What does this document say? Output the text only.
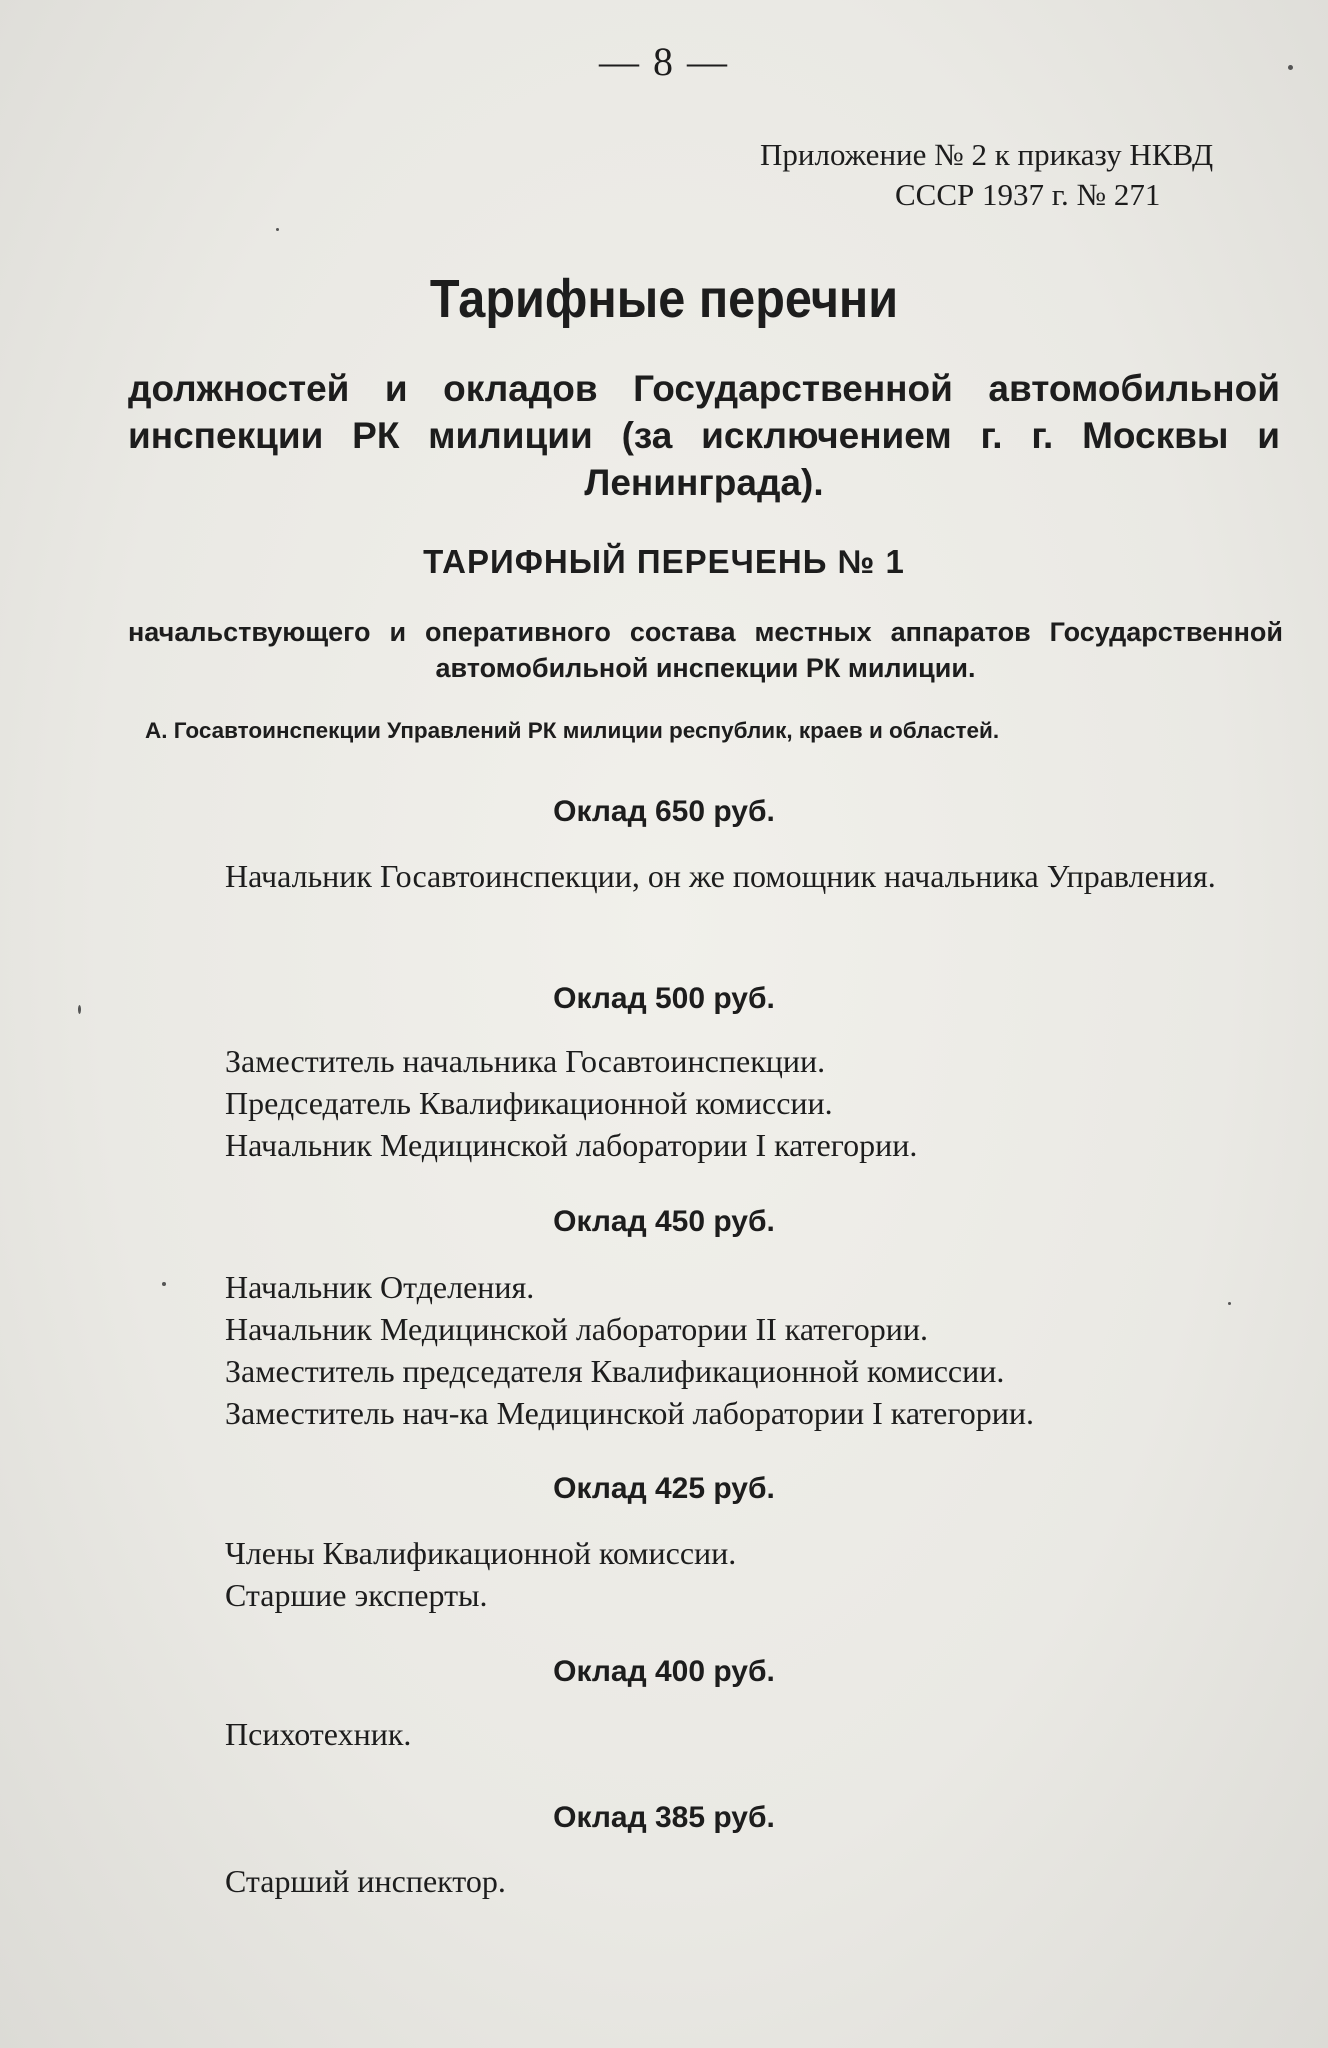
— 8 —
Приложение № 2 к приказу НКВД
СССР 1937 г. № 271
Тарифные перечни
должностей и окладов Государственной автомобильной инспекции РК милиции (за исключением г. г. Москвы и Ленинграда).
ТАРИФНЫЙ ПЕРЕЧЕНЬ № 1
начальствующего и оперативного состава местных аппаратов Государственной автомобильной инспекции РК милиции.
А. Госавтоинспекции Управлений РК милиции республик, краев и областей.
Оклад 650 руб.
Начальник Госавтоинспекции, он же помощник начальника Управления.
Оклад 500 руб.
Заместитель начальника Госавтоинспекции.
Председатель Квалификационной комиссии.
Начальник Медицинской лаборатории I категории.
Оклад 450 руб.
Начальник Отделения.
Начальник Медицинской лаборатории II категории.
Заместитель председателя Квалификационной комиссии.
Заместитель нач-ка Медицинской лаборатории I категории.
Оклад 425 руб.
Члены Квалификационной комиссии.
Старшие эксперты.
Оклад 400 руб.
Психотехник.
Оклад 385 руб.
Старший инспектор.
